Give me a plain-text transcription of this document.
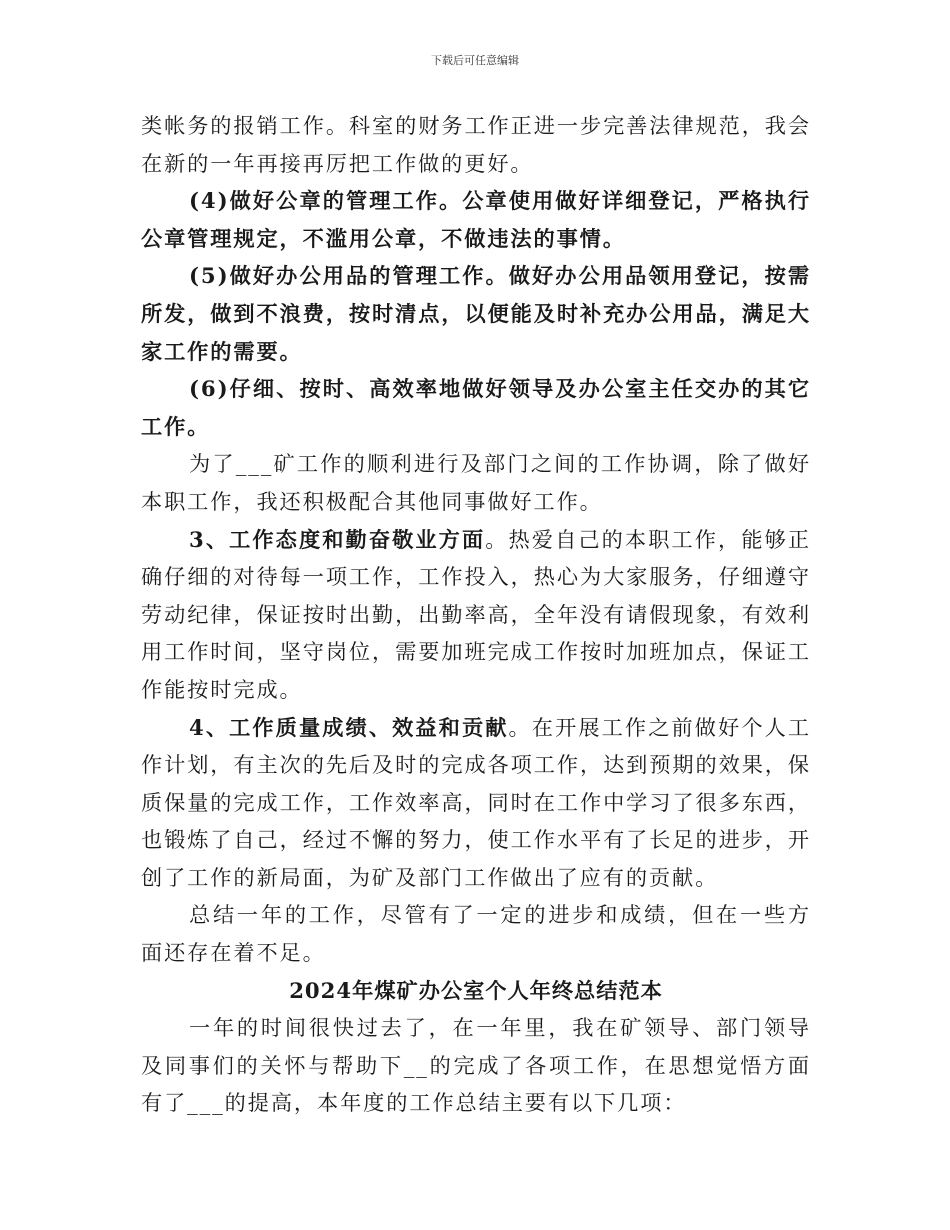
下载后可任意编辑

类帐务的报销工作。科室的财务工作正进一步完善法律规范，我会在新的一年再接再厉把工作做的更好。

(4)做好公章的管理工作。公章使用做好详细登记，严格执行公章管理规定，不滥用公章，不做违法的事情。

(5)做好办公用品的管理工作。做好办公用品领用登记，按需所发，做到不浪费，按时清点，以便能及时补充办公用品，满足大家工作的需要。

(6)仔细、按时、高效率地做好领导及办公室主任交办的其它工作。

为了___矿工作的顺利进行及部门之间的工作协调，除了做好本职工作，我还积极配合其他同事做好工作。

3、工作态度和勤奋敬业方面。热爱自己的本职工作，能够正确仔细的对待每一项工作，工作投入，热心为大家服务，仔细遵守劳动纪律，保证按时出勤，出勤率高，全年没有请假现象，有效利用工作时间，坚守岗位，需要加班完成工作按时加班加点，保证工作能按时完成。

4、工作质量成绩、效益和贡献。在开展工作之前做好个人工作计划，有主次的先后及时的完成各项工作，达到预期的效果，保质保量的完成工作，工作效率高，同时在工作中学习了很多东西，也锻炼了自己，经过不懈的努力，使工作水平有了长足的进步，开创了工作的新局面，为矿及部门工作做出了应有的贡献。

总结一年的工作，尽管有了一定的进步和成绩，但在一些方面还存在着不足。

2024年煤矿办公室个人年终总结范本

一年的时间很快过去了，在一年里，我在矿领导、部门领导及同事们的关怀与帮助下__的完成了各项工作，在思想觉悟方面有了___的提高，本年度的工作总结主要有以下几项：
